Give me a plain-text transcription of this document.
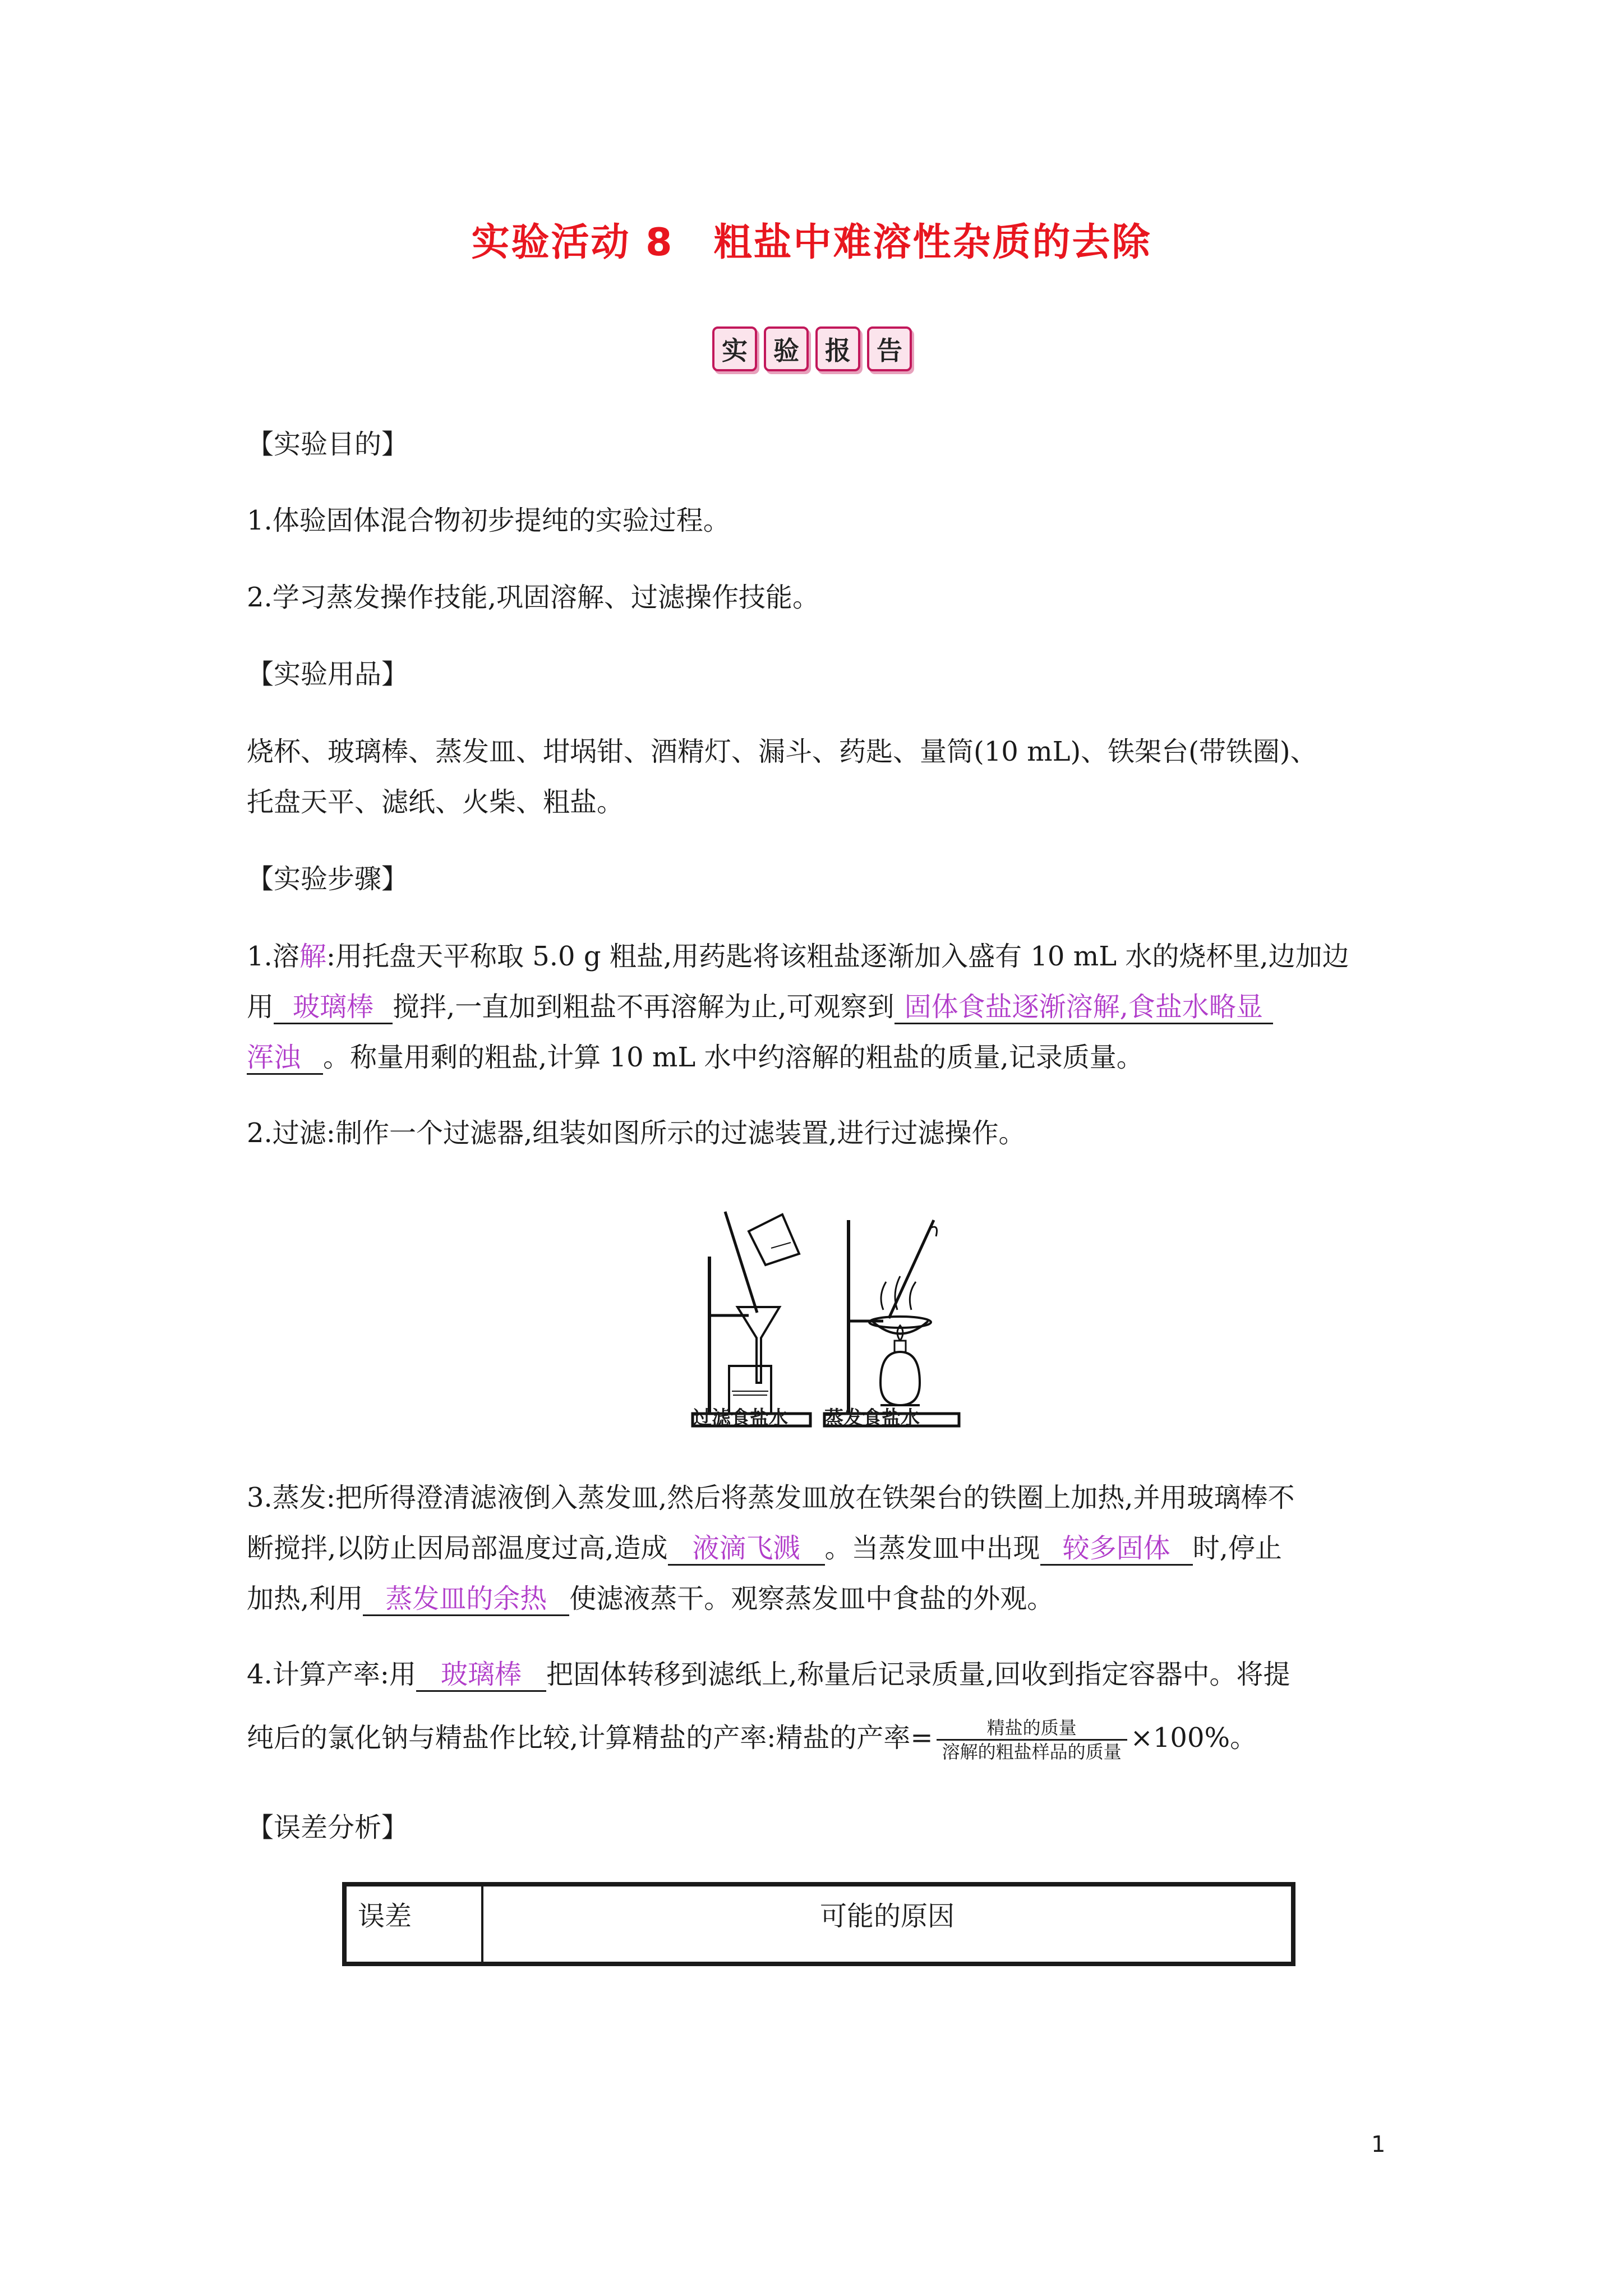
实验活动 8　粗盐中难溶性杂质的去除
实	验	报	告
【实验目的】
1.体验固体混合物初步提纯的实验过程。
2.学习蒸发操作技能,巩固溶解、过滤操作技能。
【实验用品】
烧杯、玻璃棒、蒸发皿、坩埚钳、酒精灯、漏斗、药匙、量筒(10 mL)、铁架台(带铁圈)、
托盘天平、滤纸、火柴、粗盐。
【实验步骤】
1.溶解:用托盘天平称取 5.0 g 粗盐,用药匙将该粗盐逐渐加入盛有 10 mL 水的烧杯里,边加边
用 玻璃棒 搅拌,一直加到粗盐不再溶解为止,可观察到 固体食盐逐渐溶解,食盐水略显
浑浊 。称量用剩的粗盐,计算 10 mL 水中约溶解的粗盐的质量,记录质量。
2.过滤:制作一个过滤器,组装如图所示的过滤装置,进行过滤操作。
过滤食盐水 蒸发食盐水
3.蒸发:把所得澄清滤液倒入蒸发皿,然后将蒸发皿放在铁架台的铁圈上加热,并用玻璃棒不
断搅拌,以防止因局部温度过高,造成 液滴飞溅 。当蒸发皿中出现 较多固体 时,停止
加热,利用 蒸发皿的余热 使滤液蒸干。观察蒸发皿中食盐的外观。
4.计算产率:用 玻璃棒 把固体转移到滤纸上,称量后记录质量,回收到指定容器中。将提
纯后的氯化钠与精盐作比较,计算精盐的产率:精盐的产率= $\frac{\text{精盐的质量}}{\text{溶解的粗盐样品的质量}} \times 100\%$。
【误差分析】
误差	可能的原因
1
